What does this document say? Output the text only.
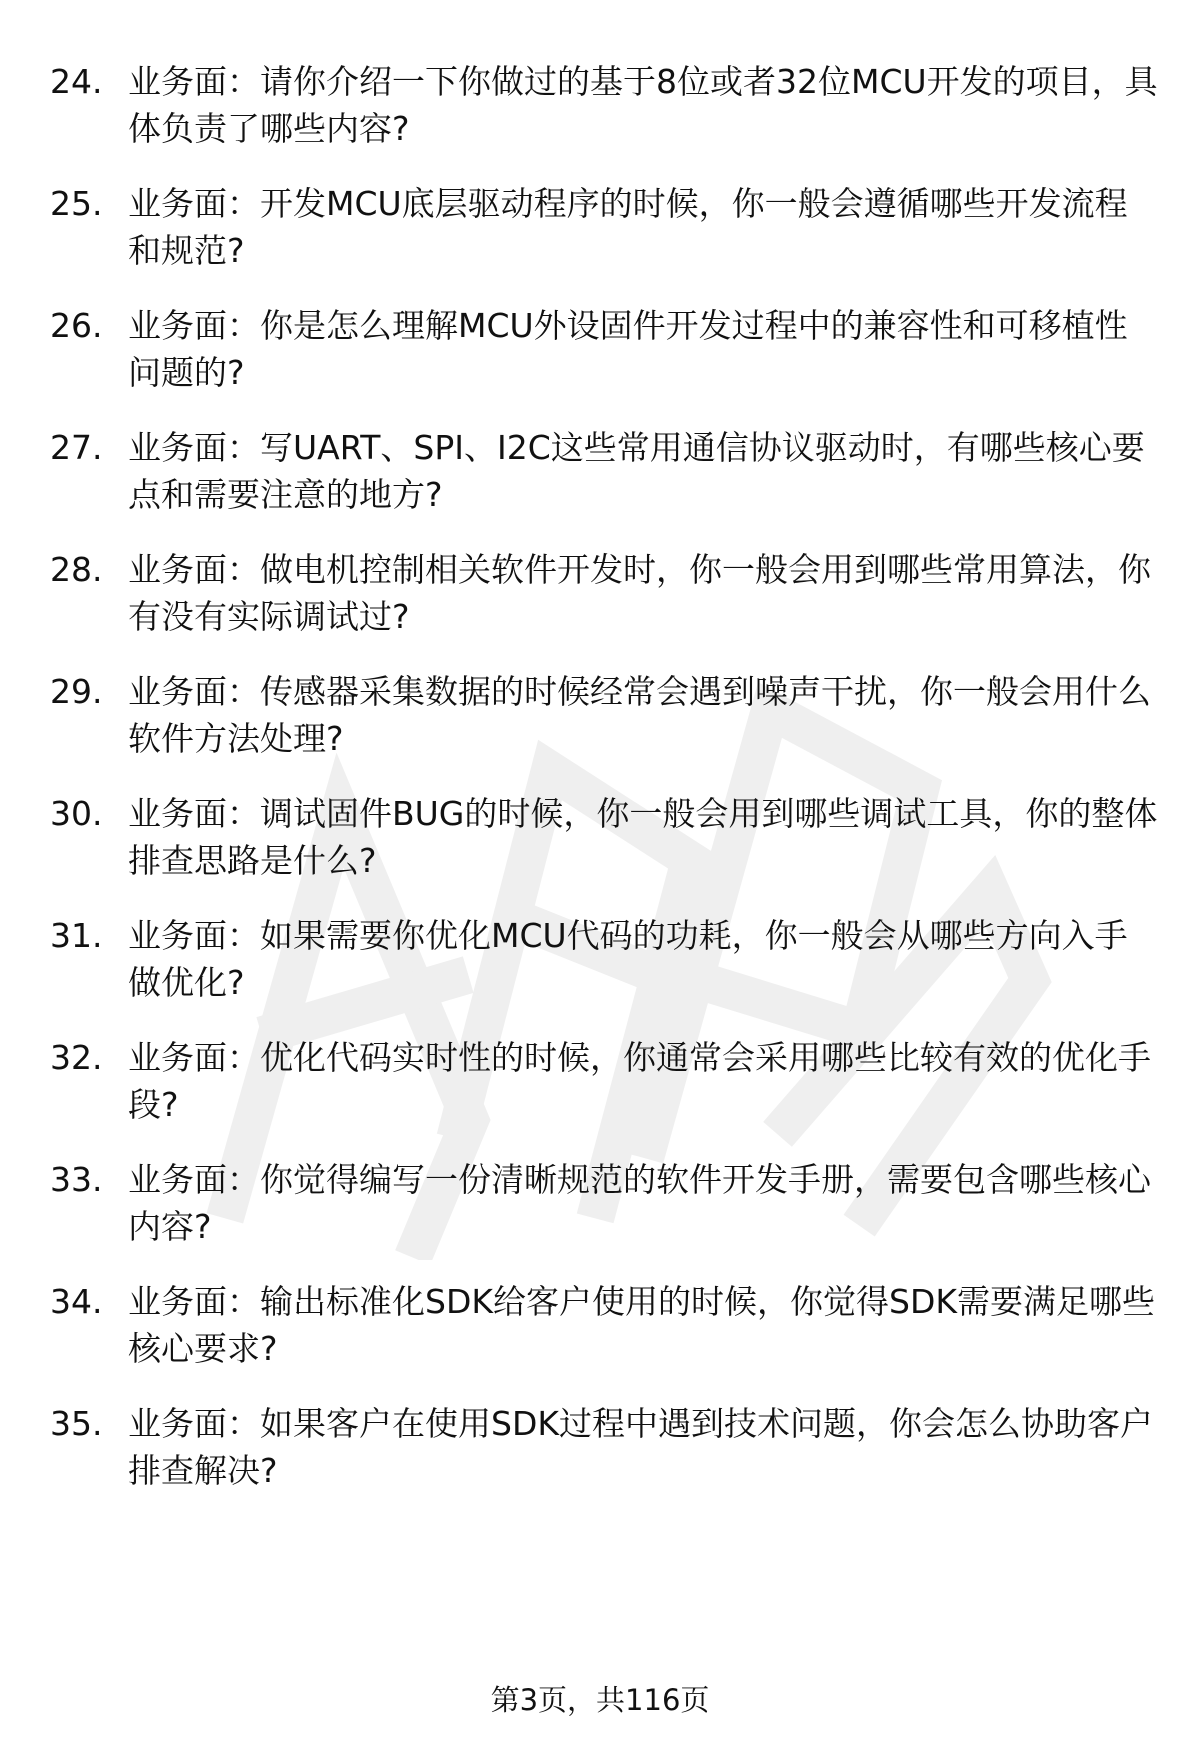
24. 业务面：请你介绍一下你做过的基于8位或者32位MCU开发的项目，具体负责了哪些内容?
25. 业务面：开发MCU底层驱动程序的时候，你一般会遵循哪些开发流程和规范?
26. 业务面：你是怎么理解MCU外设固件开发过程中的兼容性和可移植性问题的?
27. 业务面：写UART、SPI、I2C这些常用通信协议驱动时，有哪些核心要点和需要注意的地方?
28. 业务面：做电机控制相关软件开发时，你一般会用到哪些常用算法，你有没有实际调试过?
29. 业务面：传感器采集数据的时候经常会遇到噪声干扰，你一般会用什么软件方法处理?
30. 业务面：调试固件BUG的时候，你一般会用到哪些调试工具，你的整体排查思路是什么?
31. 业务面：如果需要你优化MCU代码的功耗，你一般会从哪些方向入手做优化?
32. 业务面：优化代码实时性的时候，你通常会采用哪些比较有效的优化手段?
33. 业务面：你觉得编写一份清晰规范的软件开发手册，需要包含哪些核心内容?
34. 业务面：输出标准化SDK给客户使用的时候，你觉得SDK需要满足哪些核心要求?
35. 业务面：如果客户在使用SDK过程中遇到技术问题，你会怎么协助客户排查解决?
第3页，共116页
